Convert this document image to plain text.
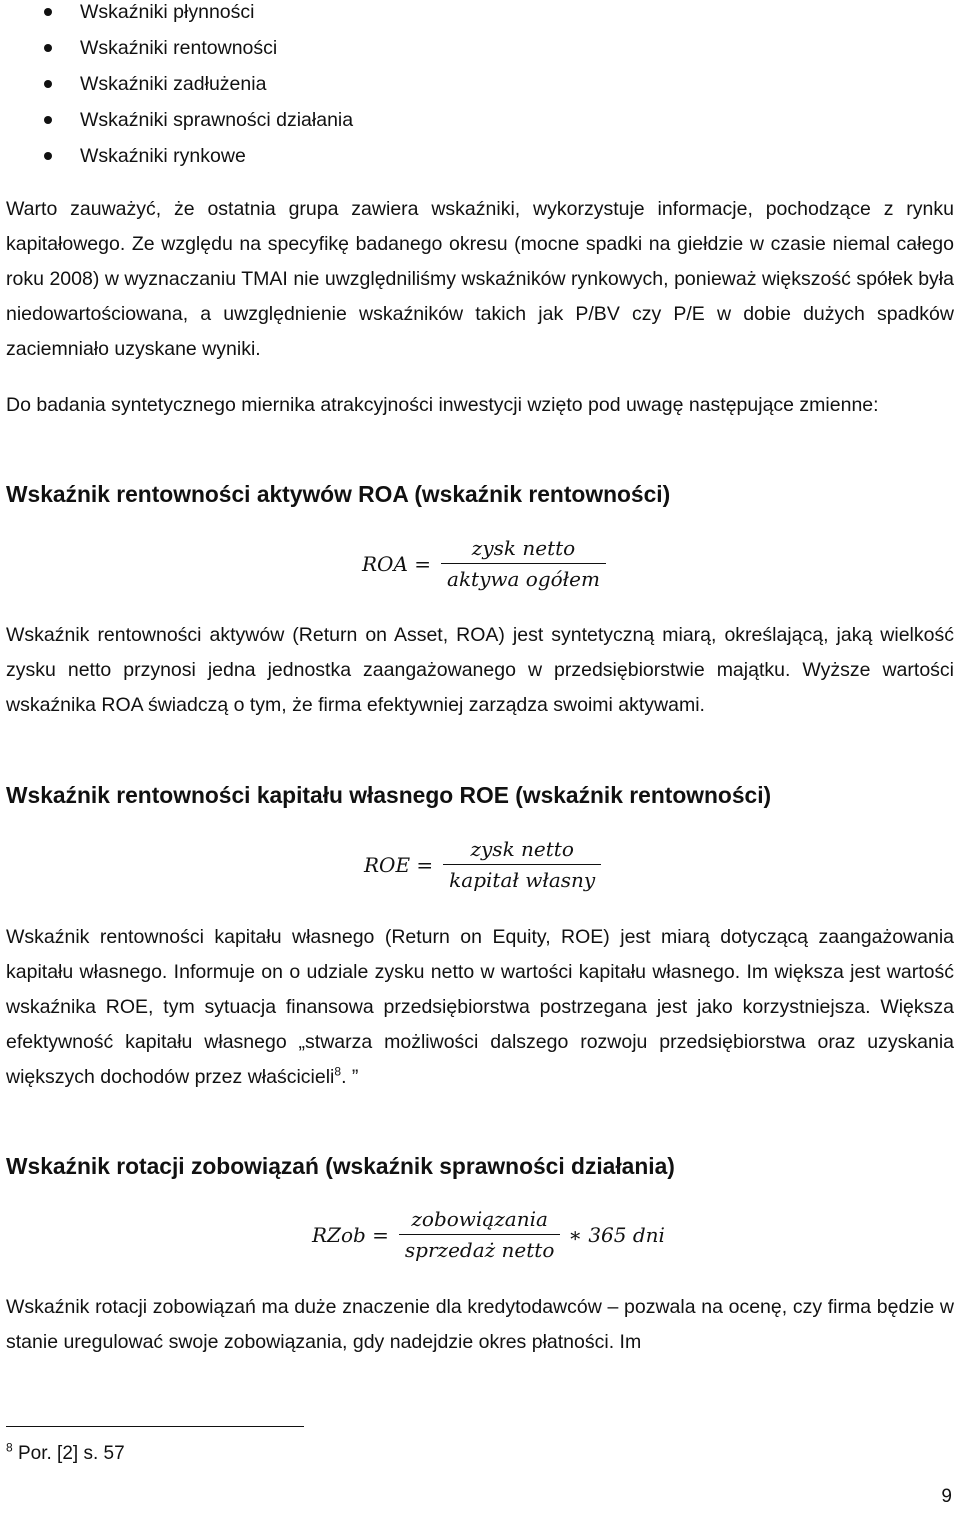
Wskaźniki płynności
Wskaźniki rentowności
Wskaźniki zadłużenia
Wskaźniki sprawności działania
Wskaźniki rynkowe

Warto zauważyć, że ostatnia grupa zawiera wskaźniki, wykorzystuje informacje, pochodzące z rynku kapitałowego. Ze względu na specyfikę badanego okresu (mocne spadki na giełdzie w czasie niemal całego roku 2008) w wyznaczaniu TMAI nie uwzględniliśmy wskaźników rynkowych, ponieważ większość spółek była niedowartościowana, a uwzględnienie wskaźników takich jak P/BV czy P/E w dobie dużych spadków zaciemniało uzyskane wyniki.

Do badania syntetycznego miernika atrakcyjności inwestycji wzięto pod uwagę następujące zmienne:

Wskaźnik rentowności aktywów ROA (wskaźnik rentowności)
ROA = $\frac{\text{zysk netto}}{\text{aktywa ogółem}}$

Wskaźnik rentowności aktywów (Return on Asset, ROA) jest syntetyczną miarą, określającą, jaką wielkość zysku netto przynosi jedna jednostka zaangażowanego w przedsiębiorstwie majątku. Wyższe wartości wskaźnika ROA świadczą o tym, że firma efektywniej zarządza swoimi aktywami.

Wskaźnik rentowności kapitału własnego ROE (wskaźnik rentowności)
ROE = $\frac{\text{zysk netto}}{\text{kapitał własny}}$

Wskaźnik rentowności kapitału własnego (Return on Equity, ROE) jest miarą dotyczącą zaangażowania kapitału własnego. Informuje on o udziale zysku netto w wartości kapitału własnego. Im większa jest wartość wskaźnika ROE, tym sytuacja finansowa przedsiębiorstwa postrzegana jest jako korzystniejsza. Większa efektywność kapitału własnego „stwarza możliwości dalszego rozwoju przedsiębiorstwa oraz uzyskania większych dochodów przez właścicieli$^8$. ”

Wskaźnik rotacji zobowiązań (wskaźnik sprawności działania)
RZob = $\frac{\text{zobowiązania}}{\text{sprzedaż netto}}$ ∗ 365 dni

Wskaźnik rotacji zobowiązań ma duże znaczenie dla kredytodawców – pozwala na ocenę, czy firma będzie w stanie uregulować swoje zobowiązania, gdy nadejdzie okres płatności. Im

$^8$ Por. [2] s. 57
9
